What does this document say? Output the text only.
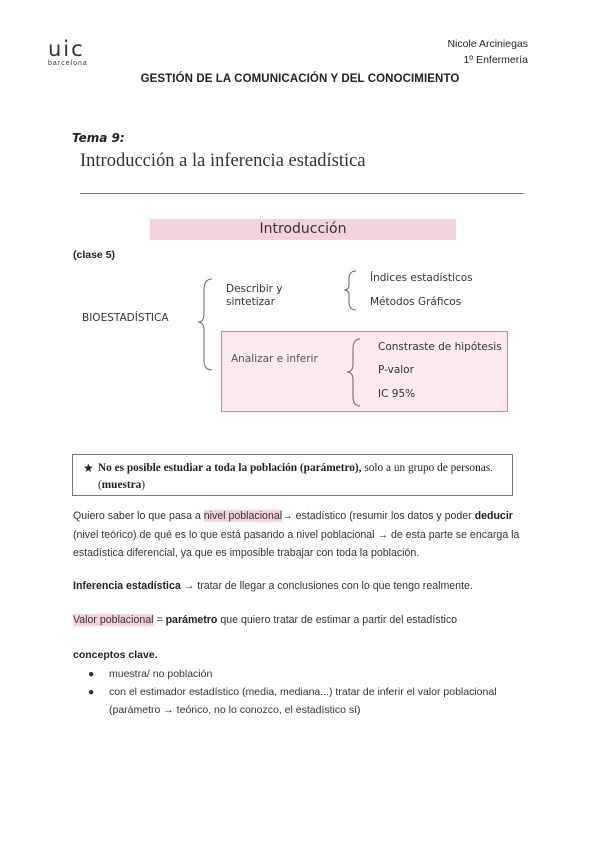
uic
barcelona
Nicole Arciniegas
1º Enfermería
GESTIÓN DE LA COMUNICACIÓN Y DEL CONOCIMIENTO
Tema 9:
Introducción a la inferencia estadística
Introducción
(clase 5)
BIOESTADÍSTICA
Describir y
sintetizar
Índices estadísticos
Métodos Gráficos
Analizar e inferir
Constraste de hipótesis
P-valor
IC 95%
★ No es posible estudiar a toda la población (parámetro), solo a un grupo de personas. (muestra)
Quiero saber lo que pasa a nivel poblacional→ estadístico (resumir los datos y poder deducir (nivel teórico) de qué es lo que está pasando a nivel poblacional → de esta parte se encarga la estadística diferencial, ya que es imposible trabajar con toda la población.
Inferencia estadística → tratar de llegar a conclusiones con lo que tengo realmente.
Valor poblacional = parámetro que quiero tratar de estimar a partir del estadístico
conceptos clave.
● muestra/ no población
● con el estimador estadístico (media, mediana...) tratar de inferir el valor poblacional (parámetro → teórico, no lo conozco, el estadístico sí)
